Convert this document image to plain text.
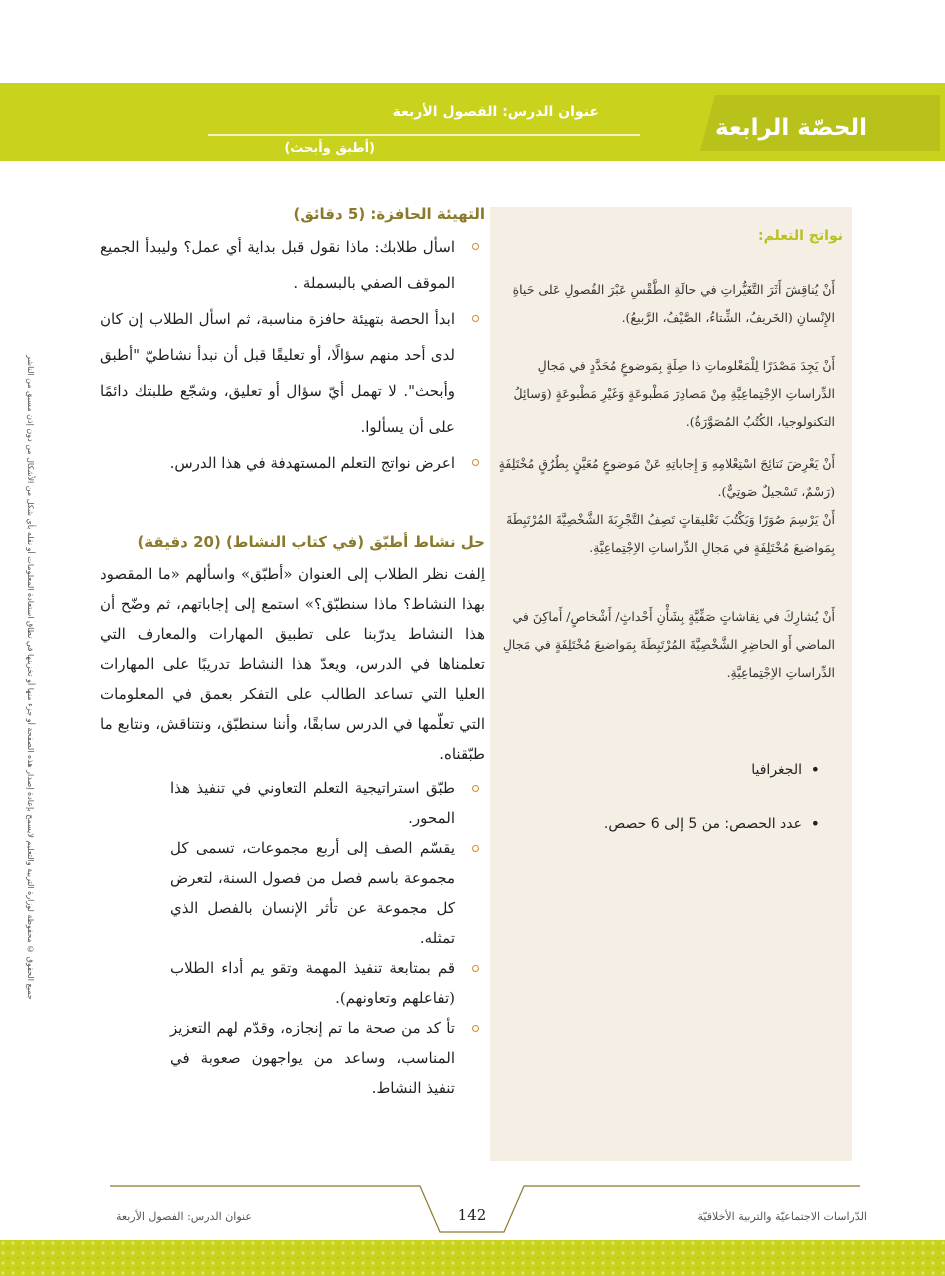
الحصّة الرابعة
عنوان الدرس: الفصول الأربعة
(أطبق وأبحث)
جميع الحقوق © محفوظة لوزارة التربية والتعليم لايسمح بإعادة إصدار هذه الصفحة أو جزء منها أو تخزينها في نطاق استعادة المعلومات أو نقله بأي شكل من الأشكال من دون إذن مسبق من الناشر
نواتج التعلم:
أَنْ يُناقِشَ أَثَرَ التَّغَيُّراتِ في حالَةِ الطَّقْسِ عَبْرَ الفُصولِ عَلى حَياةِ الإِنْسانِ (الخَريفُ، الشِّتاءُ، الصَّيْفُ، الرَّبيعُ).
أَنْ يَجِدَ مَصْدَرًا لِلْمَعْلوماتِ ذا صِلَةٍ بِمَوضوعٍ مُحَدَّدٍ في مَجالِ الدِّراساتِ الاِجْتِماعِيَّةِ مِنْ مَصادِرَ مَطْبوعَةٍ وَغَيْرِ مَطْبوعَةٍ (وَسائِلُ التكنولوجيا، الكُتُبُ المُصَوَّرَةُ).
أَنْ يَعْرِضَ نَتائِجَ اسْتِعْلامِهِ وَ إِجاباتِهِ عَنْ مَوضوعٍ مُعَيَّنٍ بِطُرُقٍ مُخْتَلِفَةٍ (رَسْمٌ، تَسْجيلٌ صَوتِيٌّ).
أَنْ يَرْسِمَ صُوَرًا وَيَكْتُبَ تَعْليقاتٍ تَصِفُ التَّجْرِبَةَ الشَّخْصِيَّةَ المُرْتَبِطَةَ بِمَواضيعَ مُخْتَلِفَةٍ في مَجالِ الدِّراساتِ الاِجْتِماعِيَّةِ.
أَنْ يُشارِكَ في نِقاشاتٍ صَفِّيَّةٍ بِشَأْنِ أَحْداثٍ/ أَشْخاصٍ/ أَماكِنَ في الماضي أَو الحاضِرِ الشَّخْصِيَّةَ المُرْتَبِطَةَ بِمَواضيعَ مُخْتَلِفَةٍ في مَجالِ الدِّراساتِ الاِجْتِماعِيَّةِ.
• الجغرافيا
• عدد الحصص: من 5 إلى 6 حصص.
التهيئة الحافزة: (5 دقائق)
اسأل طلابك: ماذا نقول قبل بداية أي عمل؟ وليبدأ الجميع الموقف الصفي بالبسملة .
ابدأ الحصة بتهيئة حافزة مناسبة، ثم اسأل الطلاب إن كان لدى أحد منهم سؤالًا، أو تعليقًا قبل أن نبدأ نشاطيّ "أطبق وأبحث". لا تهمل أيّ سؤال أو تعليق، وشجّع طلبتك دائمًا على أن يسألوا.
اعرض نواتج التعلم المستهدفة في هذا الدرس.
حل نشاط أطبّق (في كتاب النشاط) (20 دقيقة)

اِلفت نظر الطلاب إلى العنوان «أطبّق» واسألهم «ما المقصود بهذا النشاط؟ ماذا سنطبّق؟» استمع إلى إجاباتهم، ثم وضّح أن هذا النشاط يدرّبنا على تطبيق المهارات والمعارف التي تعلمناها في الدرس، ويعدّ هذا النشاط تدريبًا على المهارات العليا التي تساعد الطالب على التفكر بعمق في المعلومات التي تعلّمها في الدرس سابقًا، وأننا سنطبّق، ونتناقش، ونتابع ما طبّقناه.

طبّق استراتيجية التعلم التعاوني في تنفيذ هذا المحور.
يقسّم الصف إلى أربع مجموعات، تسمى كل مجموعة باسم فصل من فصول السنة، لتعرض كل مجموعة عن تأثر الإنسان بالفصل الذي تمثله.
قم بمتابعة تنفيذ المهمة وتقو يم أداء الطلاب (تفاعلهم وتعاونهم).
تأ كد من صحة ما تم إنجازه، وقدّم لهم التعزيز المناسب، وساعد من يواجهون صعوبة في تنفيذ النشاط.
عنوان الدرس: الفصول الأربعة	142	الدّراسات الاجتماعيّة والتربية الأخلاقيّة
